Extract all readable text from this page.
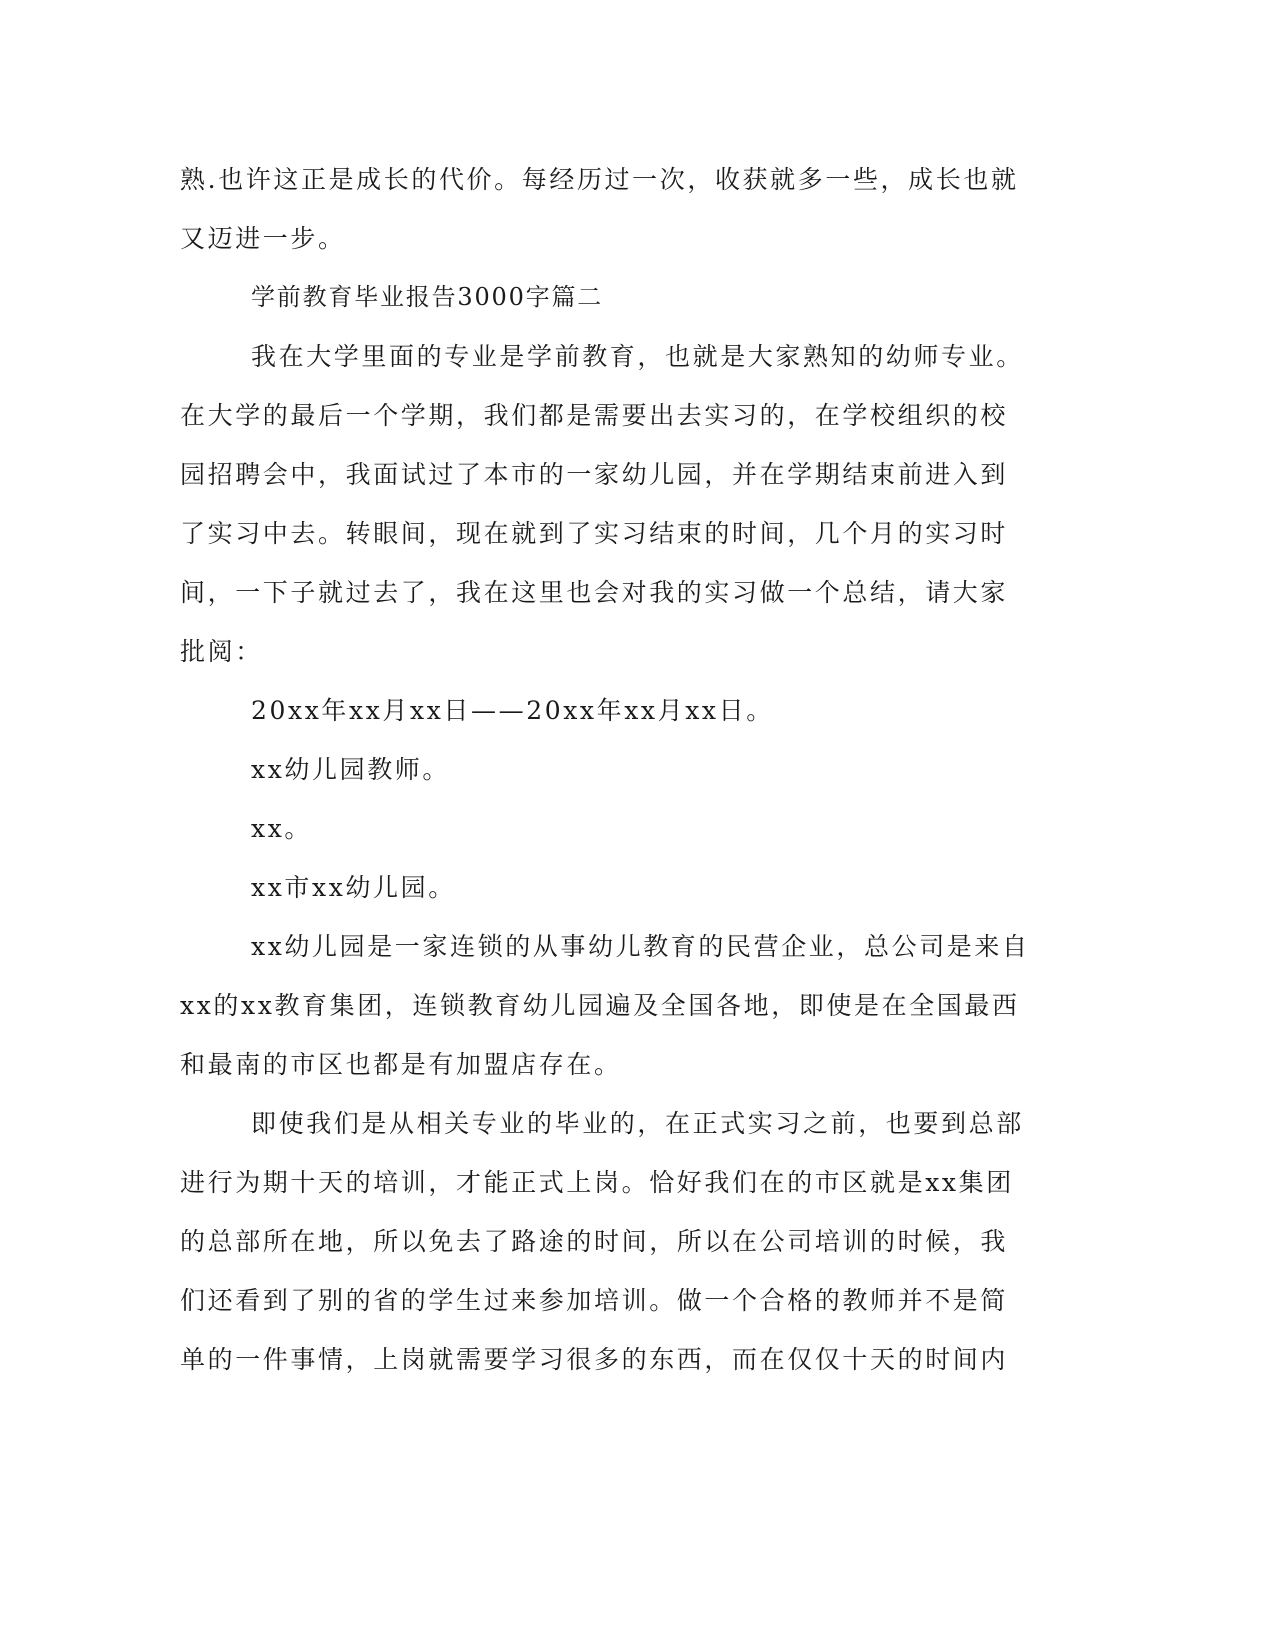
熟.也许这正是成长的代价。每经历过一次，收获就多一些，成长也就

又迈进一步。

学前教育毕业报告3000字篇二

我在大学里面的专业是学前教育，也就是大家熟知的幼师专业。

在大学的最后一个学期，我们都是需要出去实习的，在学校组织的校

园招聘会中，我面试过了本市的一家幼儿园，并在学期结束前进入到

了实习中去。转眼间，现在就到了实习结束的时间，几个月的实习时

间，一下子就过去了，我在这里也会对我的实习做一个总结，请大家

批阅：

20xx年xx月xx日——20xx年xx月xx日。

xx幼儿园教师。

xx。

xx市xx幼儿园。

xx幼儿园是一家连锁的从事幼儿教育的民营企业，总公司是来自

xx的xx教育集团，连锁教育幼儿园遍及全国各地，即使是在全国最西

和最南的市区也都是有加盟店存在。

即使我们是从相关专业的毕业的，在正式实习之前，也要到总部

进行为期十天的培训，才能正式上岗。恰好我们在的市区就是xx集团

的总部所在地，所以免去了路途的时间，所以在公司培训的时候，我

们还看到了别的省的学生过来参加培训。做一个合格的教师并不是简

单的一件事情，上岗就需要学习很多的东西，而在仅仅十天的时间内
